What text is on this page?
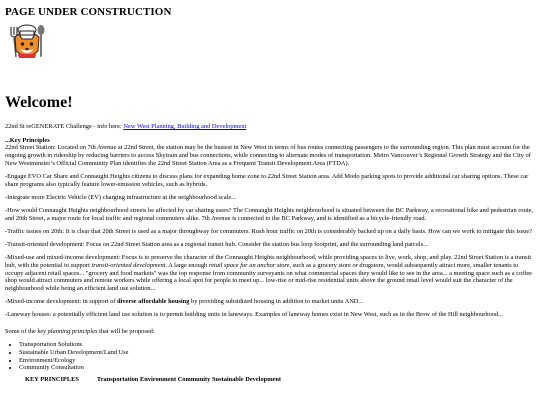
PAGE UNDER CONSTRUCTION
Welcome!

22nd St reGENERATE Challenge - info here: New West Planning, Building and Development

...Key Principles
22nd Street Station: Located on 7th Avenue at 22nd Street, the station may be the busiest in New West in terms of bus routes connecting passengers to the surrounding region. This plan must account for the ongoing growth in ridership by reducing barriers to access Skytrain and bus connections, while connecting to alternate modes of transportation. Metro Vancouver’s Regional Growth Strategy and the City of New Westminster’s Official Community Plan identifies the 22nd Street Station Area as a Frequent Transit Development Area (FTDA).

-Engage EVO Car Share and Connaught Heights citizens to discuss plans for expanding home zone to 22nd Street Station area. Add Modo parking spots to provide additional car sharing options. These car share programs also typically feature lower-emission vehicles, such as hybrids.

-Integrate more Electric Vehicle (EV) charging infrastructure at the neighbourhood scale...

-How would Connaught Heights neighbourhood streets be affected by car sharing users? The Connaught Heights neighbourhood is situated between the BC Parkway, a recreational bike and pedestrian route, and 20th Street, a major route for local traffic and regional commuters alike. 7th Avenue is connected to the BC Parkway, and is identified as a bicycle-friendly road.

-Traffic issues on 20th: It is clear that 20th Street is used as a major throughway for commuters. Rush hour traffic on 20th is considerably backed up on a daily basis. How can we work to mitigate this issue?

-Transit-oriented development: Focus on 22nd Street Station area as a regional transit hub. Consider the station bus loop footprint, and the surrounding land parcels...

-Mixed-use and mixed-income development: Focus is to preserve the character of the Connaught Heights neighbourhood, while providing spaces to live, work, shop, and play. 22nd Street Station is a transit hub, with the potential to support transit-oriented development. A large enough retail space for an anchor store, such as a grocery store or drugstore, would subsequently attract more, smaller tenants to occupy adjacent retail spaces... "grocery and food markets" was the top response from community surveyants on what commercial spaces they would like to see in the area... a meeting space such as a coffee shop would attract commuters and remote workers while offering a local spot for people to meet up... low-rise or mid-rise residential units above the ground retail level would suit the character of the neighbourhood while being an efficient land use solution...

-Mixed-income development: in support of diverse affordable housing by providing subsidized housing in addition to market units AND...

-Laneway houses: a potentially efficient land use solution is to permit building units in laneways. Examples of laneway homes exist in New West, such as in the Brow of the Hill neighbourhood...

Some of the key planning principles that will be proposed:

• Transportation Solutions
• Sustainable Urban Development/Land Use
• Environment/Ecology
• Community Consultation
KEY PRINCIPLES	Transportation Environment Community Sustainable Development
